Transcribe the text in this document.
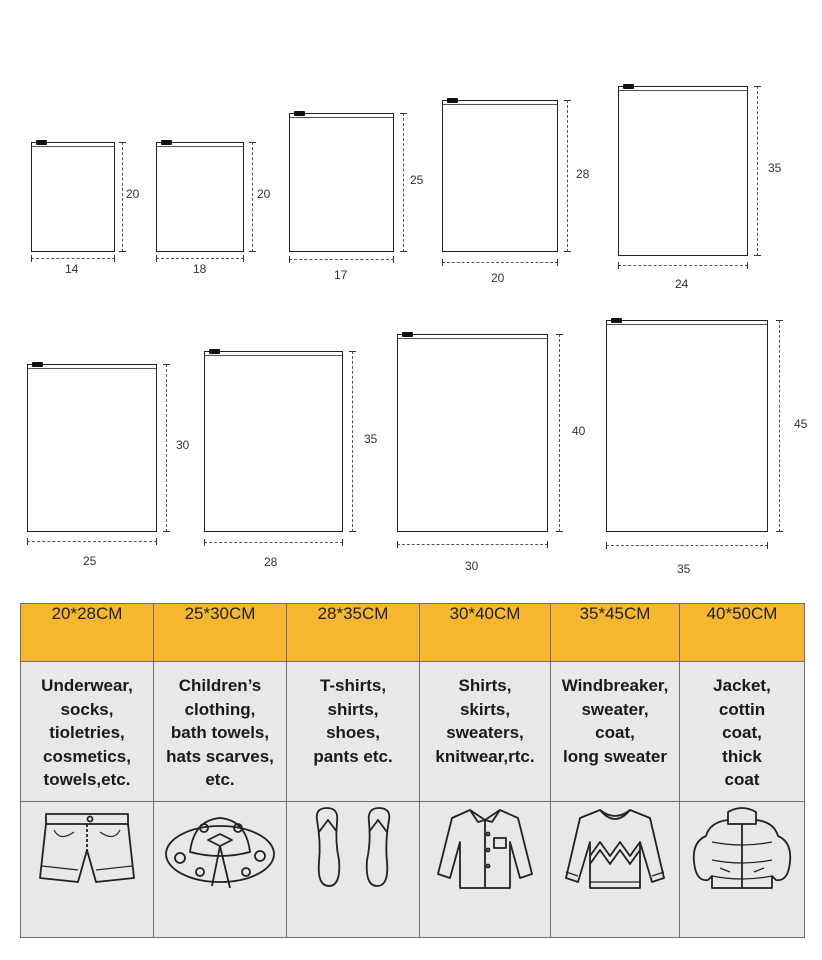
14
20
18
20
17
25
20
28
24
35
25
30
28
35
30
40
35
45
20*28CM	25*30CM	28*35CM	30*40CM	35*45CM	40*50CM

Underwear,
socks,
tioletries,
cosmetics,
towels,etc.	Children’s
clothing,
bath towels,
hats scarves,
etc.	T-shirts,
shirts,
shoes,
pants etc.	Shirts,
skirts,
sweaters,
knitwear,rtc.	Windbreaker,
sweater,
coat,
long sweater	Jacket,
cottin
coat,
thick
coat
